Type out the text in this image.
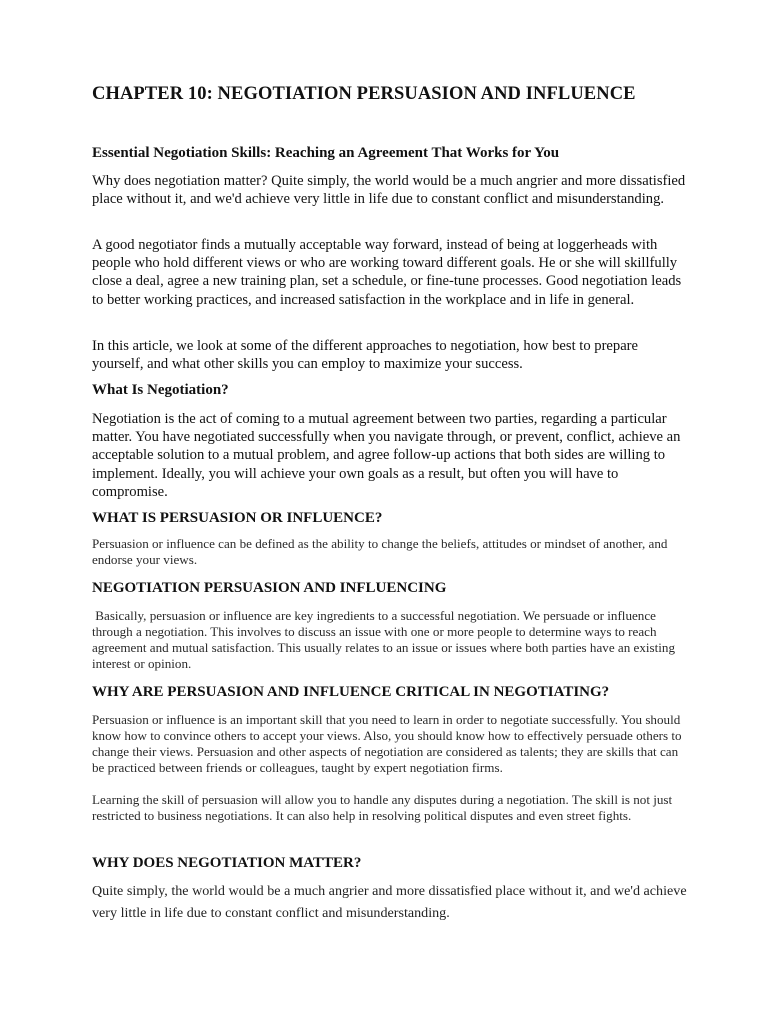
CHAPTER 10: NEGOTIATION PERSUASION AND INFLUENCE
Essential Negotiation Skills: Reaching an Agreement That Works for You

Why does negotiation matter? Quite simply, the world would be a much angrier and more dissatisfied place without it, and we'd achieve very little in life due to constant conflict and misunderstanding.

A good negotiator finds a mutually acceptable way forward, instead of being at loggerheads with people who hold different views or who are working toward different goals. He or she will skillfully close a deal, agree a new training plan, set a schedule, or fine-tune processes. Good negotiation leads to better working practices, and increased satisfaction in the workplace and in life in general.

In this article, we look at some of the different approaches to negotiation, how best to prepare yourself, and what other skills you can employ to maximize your success.

What Is Negotiation?

Negotiation is the act of coming to a mutual agreement between two parties, regarding a particular matter. You have negotiated successfully when you navigate through, or prevent, conflict, achieve an acceptable solution to a mutual problem, and agree follow-up actions that both sides are willing to implement. Ideally, you will achieve your own goals as a result, but often you will have to compromise.

WHAT IS PERSUASION OR INFLUENCE?

Persuasion or influence can be defined as the ability to change the beliefs, attitudes or mindset of another, and endorse your views.

NEGOTIATION PERSUASION AND INFLUENCING

Basically, persuasion or influence are key ingredients to a successful negotiation. We persuade or influence through a negotiation. This involves to discuss an issue with one or more people to determine ways to reach agreement and mutual satisfaction. This usually relates to an issue or issues where both parties have an existing interest or opinion.

WHY ARE PERSUASION AND INFLUENCE CRITICAL IN NEGOTIATING?

Persuasion or influence is an important skill that you need to learn in order to negotiate successfully. You should know how to convince others to accept your views. Also, you should know how to effectively persuade others to change their views. Persuasion and other aspects of negotiation are considered as talents; they are skills that can be practiced between friends or colleagues, taught by expert negotiation firms.

Learning the skill of persuasion will allow you to handle any disputes during a negotiation. The skill is not just restricted to business negotiations. It can also help in resolving political disputes and even street fights.

WHY DOES NEGOTIATION MATTER?

Quite simply, the world would be a much angrier and more dissatisfied place without it, and we'd achieve very little in life due to constant conflict and misunderstanding.
